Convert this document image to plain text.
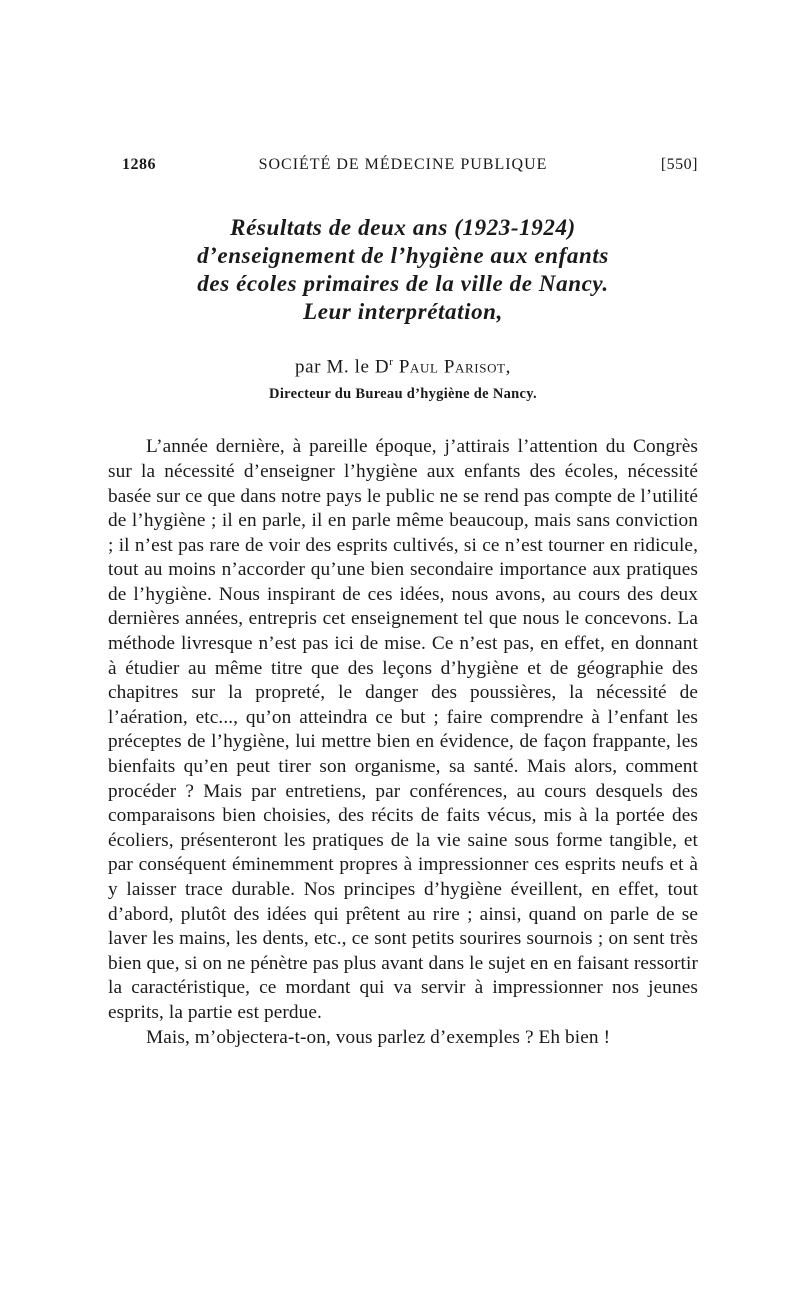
1286	SOCIÉTÉ DE MÉDECINE PUBLIQUE	[550]
Résultats de deux ans (1923-1924)
d’enseignement de l’hygiène aux enfants
des écoles primaires de la ville de Nancy.
Leur interprétation,
par M. le $D^r$ Paul Parisot,
Directeur du Bureau d’hygiène de Nancy.

L’année dernière, à pareille époque, j’attirais l’attention du Congrès sur la nécessité d’enseigner l’hygiène aux enfants des écoles, nécessité basée sur ce que dans notre pays le public ne se rend pas compte de l’utilité de l’hygiène ; il en parle, il en parle même beaucoup, mais sans conviction ; il n’est pas rare de voir des esprits cultivés, si ce n’est tourner en ridicule, tout au moins n’accorder qu’une bien secondaire importance aux pratiques de l’hygiène. Nous inspirant de ces idées, nous avons, au cours des deux dernières années, entrepris cet enseignement tel que nous le concevons. La méthode livresque n’est pas ici de mise. Ce n’est pas, en effet, en donnant à étudier au même titre que des leçons d’hygiène et de géographie des chapitres sur la propreté, le danger des poussières, la nécessité de l’aération, etc..., qu’on atteindra ce but ; faire comprendre à l’enfant les préceptes de l’hygiène, lui mettre bien en évidence, de façon frappante, les bienfaits qu’en peut tirer son organisme, sa santé. Mais alors, comment procéder ? Mais par entretiens, par conférences, au cours desquels des comparaisons bien choisies, des récits de faits vécus, mis à la portée des écoliers, présenteront les pratiques de la vie saine sous forme tangible, et par conséquent éminemment propres à impressionner ces esprits neufs et à y laisser trace durable. Nos principes d’hygiène éveillent, en effet, tout d’abord, plutôt des idées qui prêtent au rire ; ainsi, quand on parle de se laver les mains, les dents, etc., ce sont petits sourires sournois ; on sent très bien que, si on ne pénètre pas plus avant dans le sujet en en faisant ressortir la caractéristique, ce mordant qui va servir à impressionner nos jeunes esprits, la partie est perdue.

Mais, m’objectera-t-on, vous parlez d’exemples ? Eh bien !
